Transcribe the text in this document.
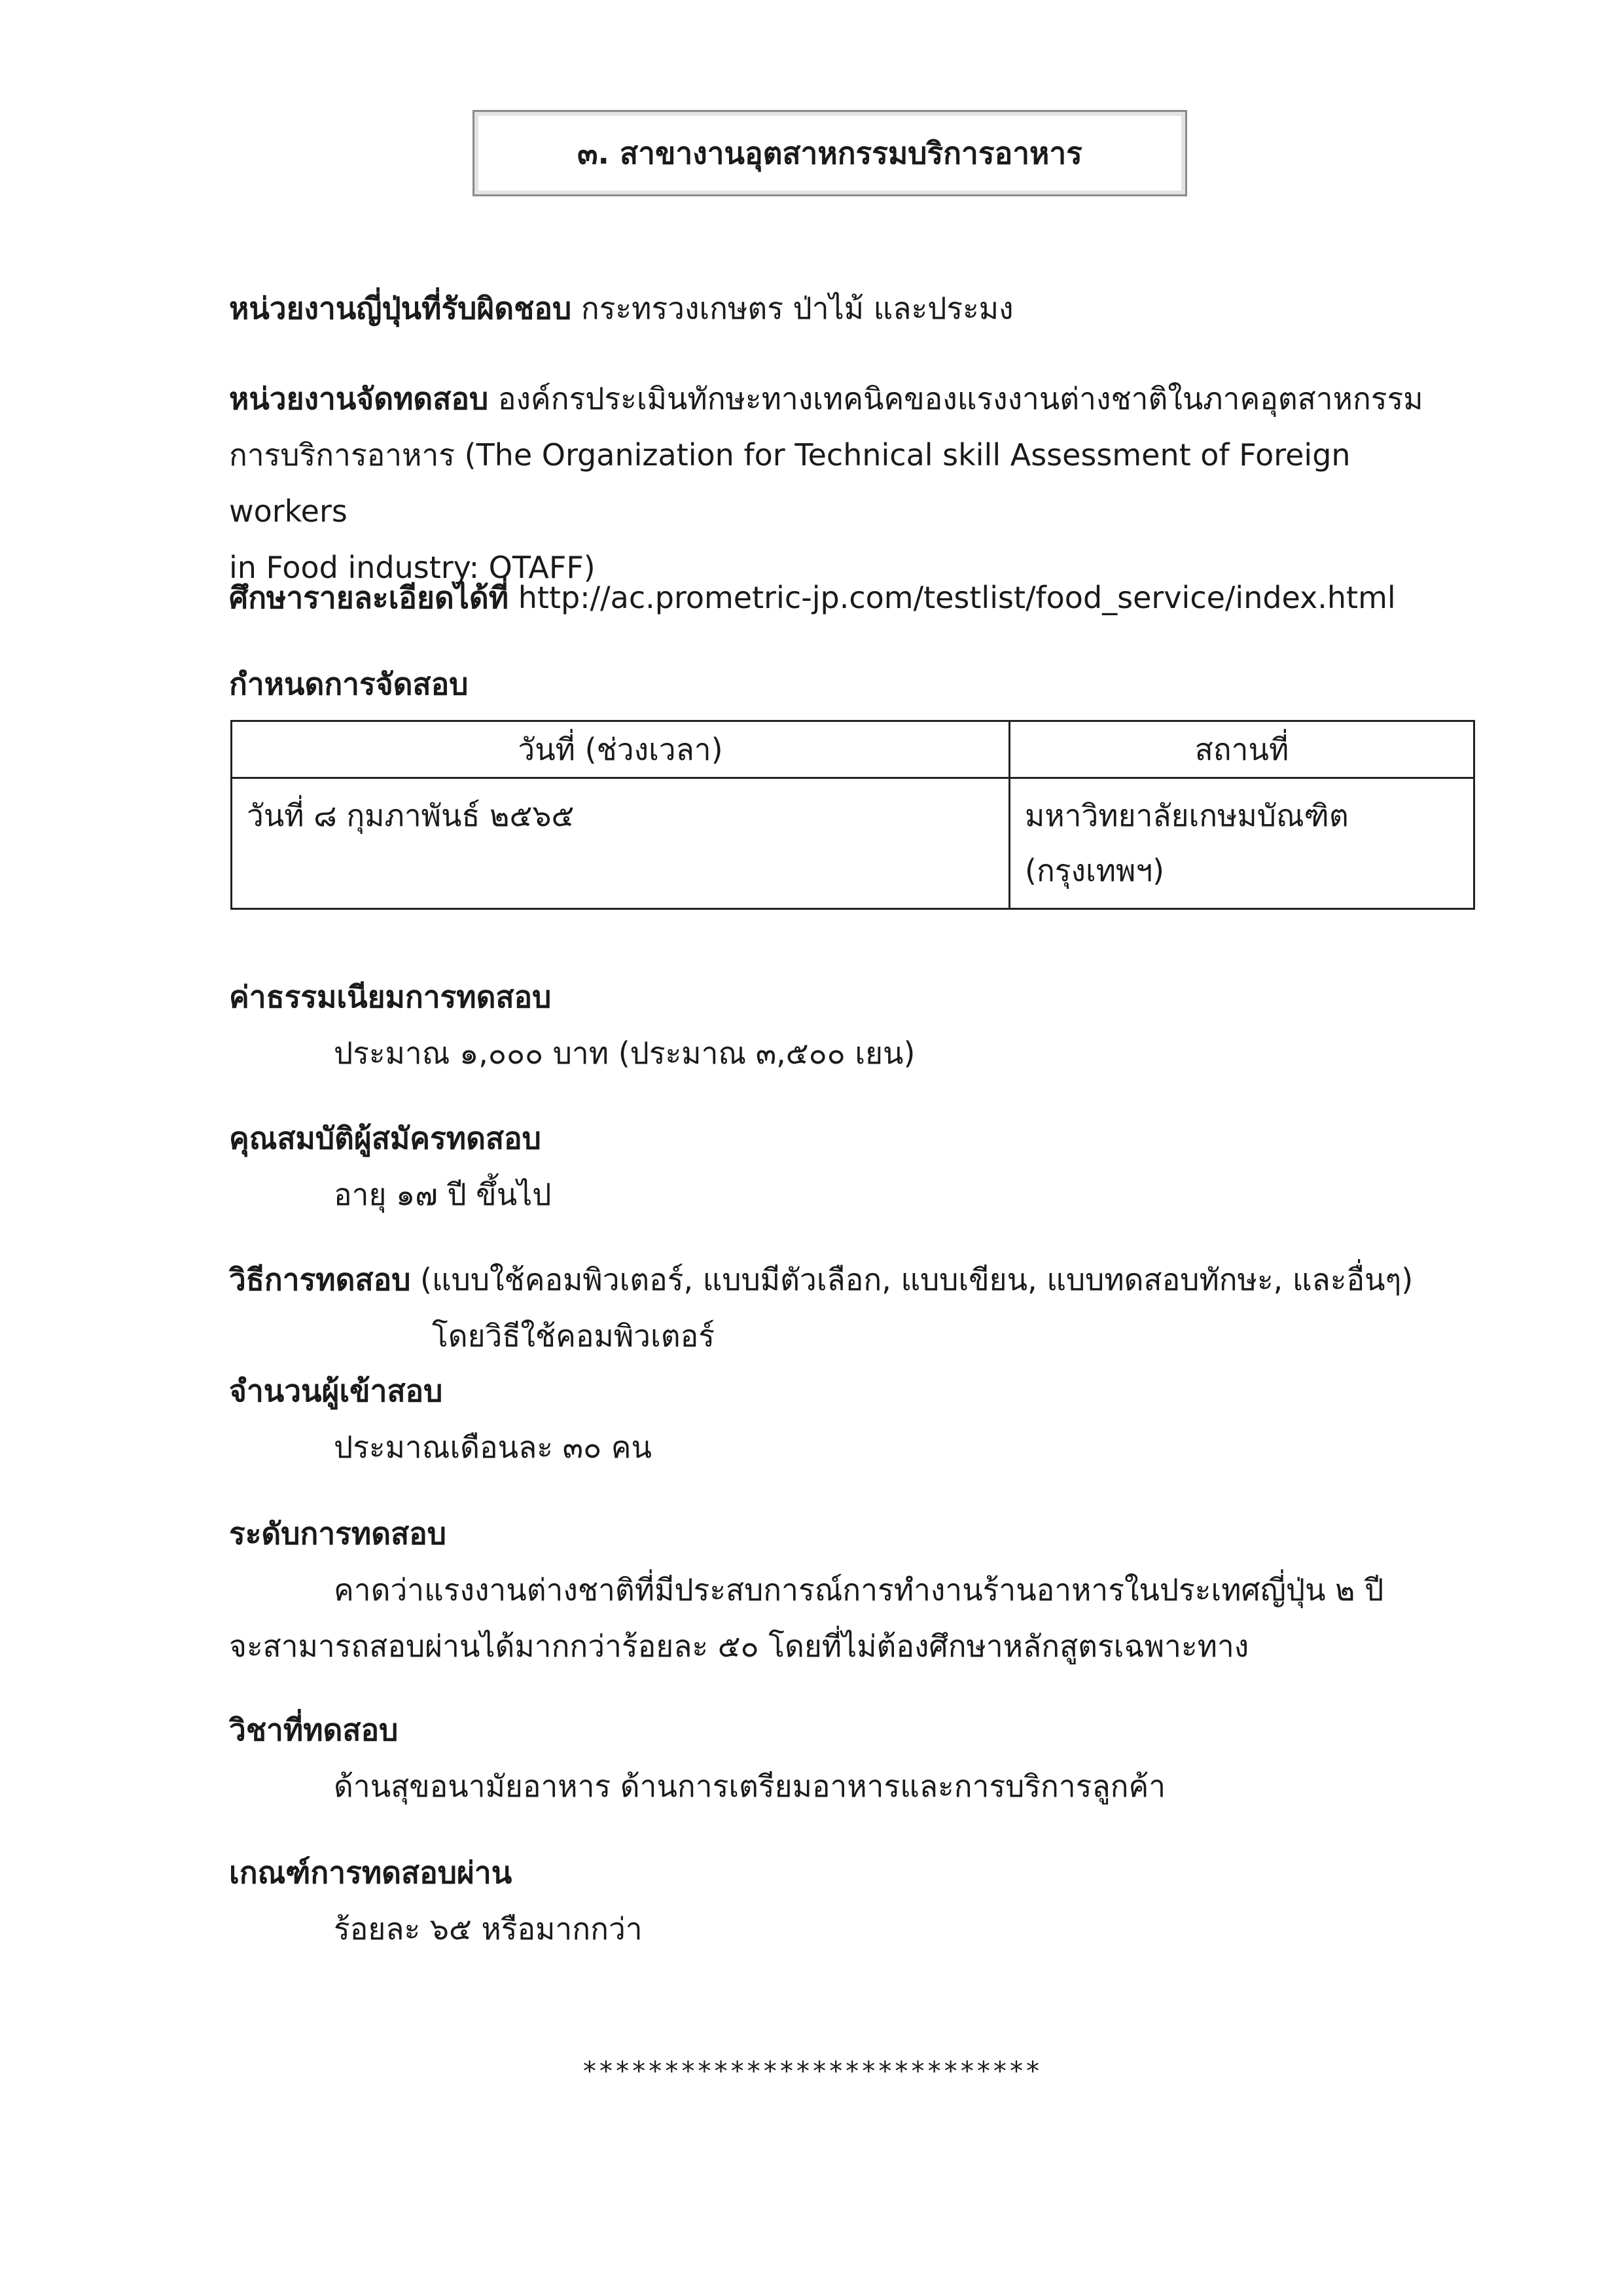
๓. สาขางานอุตสาหกรรมบริการอาหาร
หน่วยงานญี่ปุ่นที่รับผิดชอบ กระทรวงเกษตร ป่าไม้ และประมง
หน่วยงานจัดทดสอบ องค์กรประเมินทักษะทางเทคนิคของแรงงานต่างชาติในภาคอุตสาหกรรม
การบริการอาหาร (The Organization for Technical skill Assessment of Foreign workers
in Food industry: OTAFF)
ศึกษารายละเอียดได้ที่ http://ac.prometric-jp.com/testlist/food_service/index.html
กำหนดการจัดสอบ
วันที่ (ช่วงเวลา)	สถานที่
วันที่ ๘ กุมภาพันธ์ ๒๕๖๕	มหาวิทยาลัยเกษมบัณฑิต
(กรุงเทพฯ)
ค่าธรรมเนียมการทดสอบ
ประมาณ ๑,๐๐๐ บาท (ประมาณ ๓,๕๐๐ เยน)
คุณสมบัติผู้สมัครทดสอบ
อายุ ๑๗ ปี ขึ้นไป
วิธีการทดสอบ (แบบใช้คอมพิวเตอร์, แบบมีตัวเลือก, แบบเขียน, แบบทดสอบทักษะ, และอื่นๆ)
โดยวิธีใช้คอมพิวเตอร์
จำนวนผู้เข้าสอบ
ประมาณเดือนละ ๓๐ คน
ระดับการทดสอบ
คาดว่าแรงงานต่างชาติที่มีประสบการณ์การทำงานร้านอาหารในประเทศญี่ปุ่น ๒ ปี
จะสามารถสอบผ่านได้มากกว่าร้อยละ ๕๐ โดยที่ไม่ต้องศึกษาหลักสูตรเฉพาะทาง
วิชาที่ทดสอบ
ด้านสุขอนามัยอาหาร ด้านการเตรียมอาหารและการบริการลูกค้า
เกณฑ์การทดสอบผ่าน
ร้อยละ ๖๕ หรือมากกว่า
****************************
